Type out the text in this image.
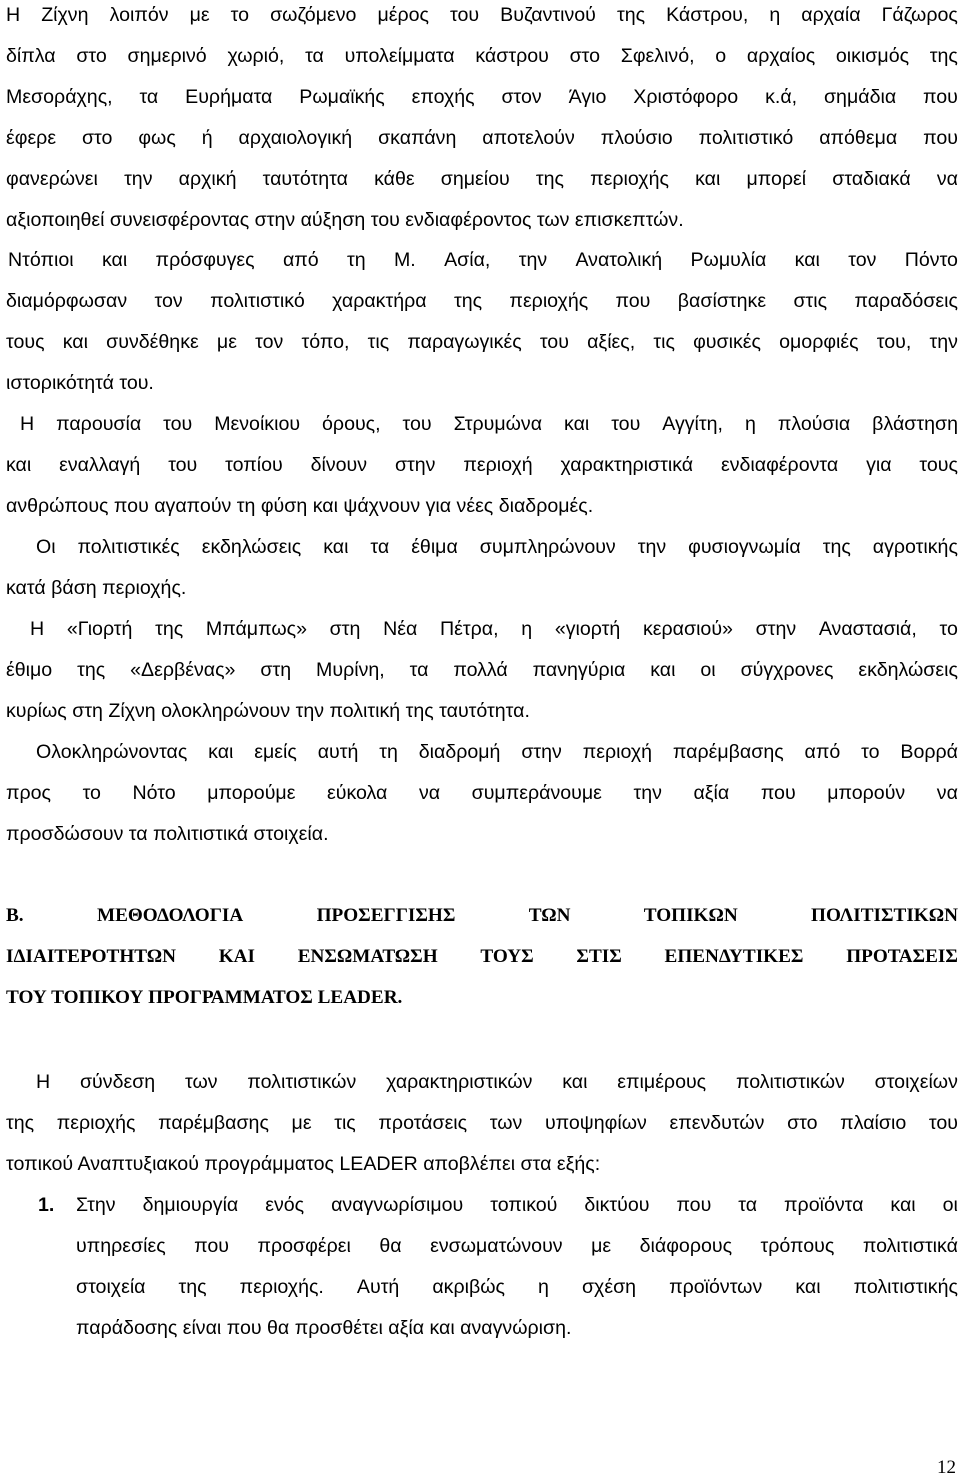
Η Ζίχνη λοιπόν με το σωζόμενο μέρος του Βυζαντινού της Κάστρου, η αρχαία Γάζωρος
δίπλα στο σημερινό χωριό, τα υπολείμματα κάστρου στο Σφελινό, ο αρχαίος οικισμός της
Μεσοράχης, τα Ευρήματα Ρωμαϊκής εποχής στον Άγιο Χριστόφορο κ.ά, σημάδια που
έφερε στο φως ή αρχαιολογική σκαπάνη αποτελούν πλούσιο πολιτιστικό απόθεμα που
φανερώνει την αρχική ταυτότητα κάθε σημείου της περιοχής και μπορεί σταδιακά να
αξιοποιηθεί συνεισφέροντας στην αύξηση του ενδιαφέροντος των επισκεπτών.
Ντόπιοι και πρόσφυγες από τη Μ. Ασία, την Ανατολική Ρωμυλία και τον Πόντο
διαμόρφωσαν τον πολιτιστικό χαρακτήρα της περιοχής που βασίστηκε στις παραδόσεις
τους και συνδέθηκε με τον τόπο, τις παραγωγικές του αξίες, τις φυσικές ομορφιές του, την
ιστορικότητά του.
Η παρουσία του Μενοίκιου όρους, του Στρυμώνα και του Αγγίτη, η πλούσια βλάστηση
και εναλλαγή του τοπίου δίνουν στην περιοχή χαρακτηριστικά ενδιαφέροντα για τους
ανθρώπους που αγαπούν τη φύση και ψάχνουν για νέες διαδρομές.
Οι πολιτιστικές εκδηλώσεις και τα έθιμα συμπληρώνουν την φυσιογνωμία της αγροτικής
κατά βάση περιοχής.
Η «Γιορτή της Μπάμπως» στη Νέα Πέτρα, η «γιορτή κερασιού» στην Αναστασιά, το
έθιμο της «Δερβένας» στη Μυρίνη, τα πολλά πανηγύρια και οι σύγχρονες εκδηλώσεις
κυρίως στη Ζίχνη ολοκληρώνουν την πολιτική της ταυτότητα.
Ολοκληρώνοντας και εμείς αυτή τη διαδρομή στην περιοχή παρέμβασης από το Βορρά
προς το Νότο μπορούμε εύκολα να συμπεράνουμε την αξία που μπορούν να
προσδώσουν τα πολιτιστικά στοιχεία.
Β.	ΜΕΘΟΔΟΛΟΓΙΑ	ΠΡΟΣΕΓΓΙΣΗΣ	ΤΩΝ	ΤΟΠΙΚΩΝ	ΠΟΛΙΤΙΣΤΙΚΩΝ
ΙΔΙΑΙΤΕΡΟΤΗΤΩΝ ΚΑΙ ΕΝΣΩΜΑΤΩΣΗ ΤΟΥΣ ΣΤΙΣ ΕΠΕΝΔΥΤΙΚΕΣ ΠΡΟΤΑΣΕΙΣ
ΤΟΥ ΤΟΠΙΚΟΥ ΠΡΟΓΡΑΜΜΑΤΟΣ LEADER.
Η σύνδεση των πολιτιστικών χαρακτηριστικών και επιμέρους πολιτιστικών στοιχείων
της περιοχής παρέμβασης με τις προτάσεις των υποψηφίων επενδυτών στο πλαίσιο του
τοπικού Αναπτυξιακού προγράμματος LEADER αποβλέπει στα εξής:
1. Στην δημιουργία ενός αναγνωρίσιμου τοπικού δικτύου που τα προϊόντα και οι
υπηρεσίες που προσφέρει θα ενσωματώνουν με διάφορους τρόπους πολιτιστικά
στοιχεία της περιοχής. Αυτή ακριβώς η σχέση προϊόντων και πολιτιστικής
παράδοσης είναι που θα προσθέτει αξία και αναγνώριση.
12
